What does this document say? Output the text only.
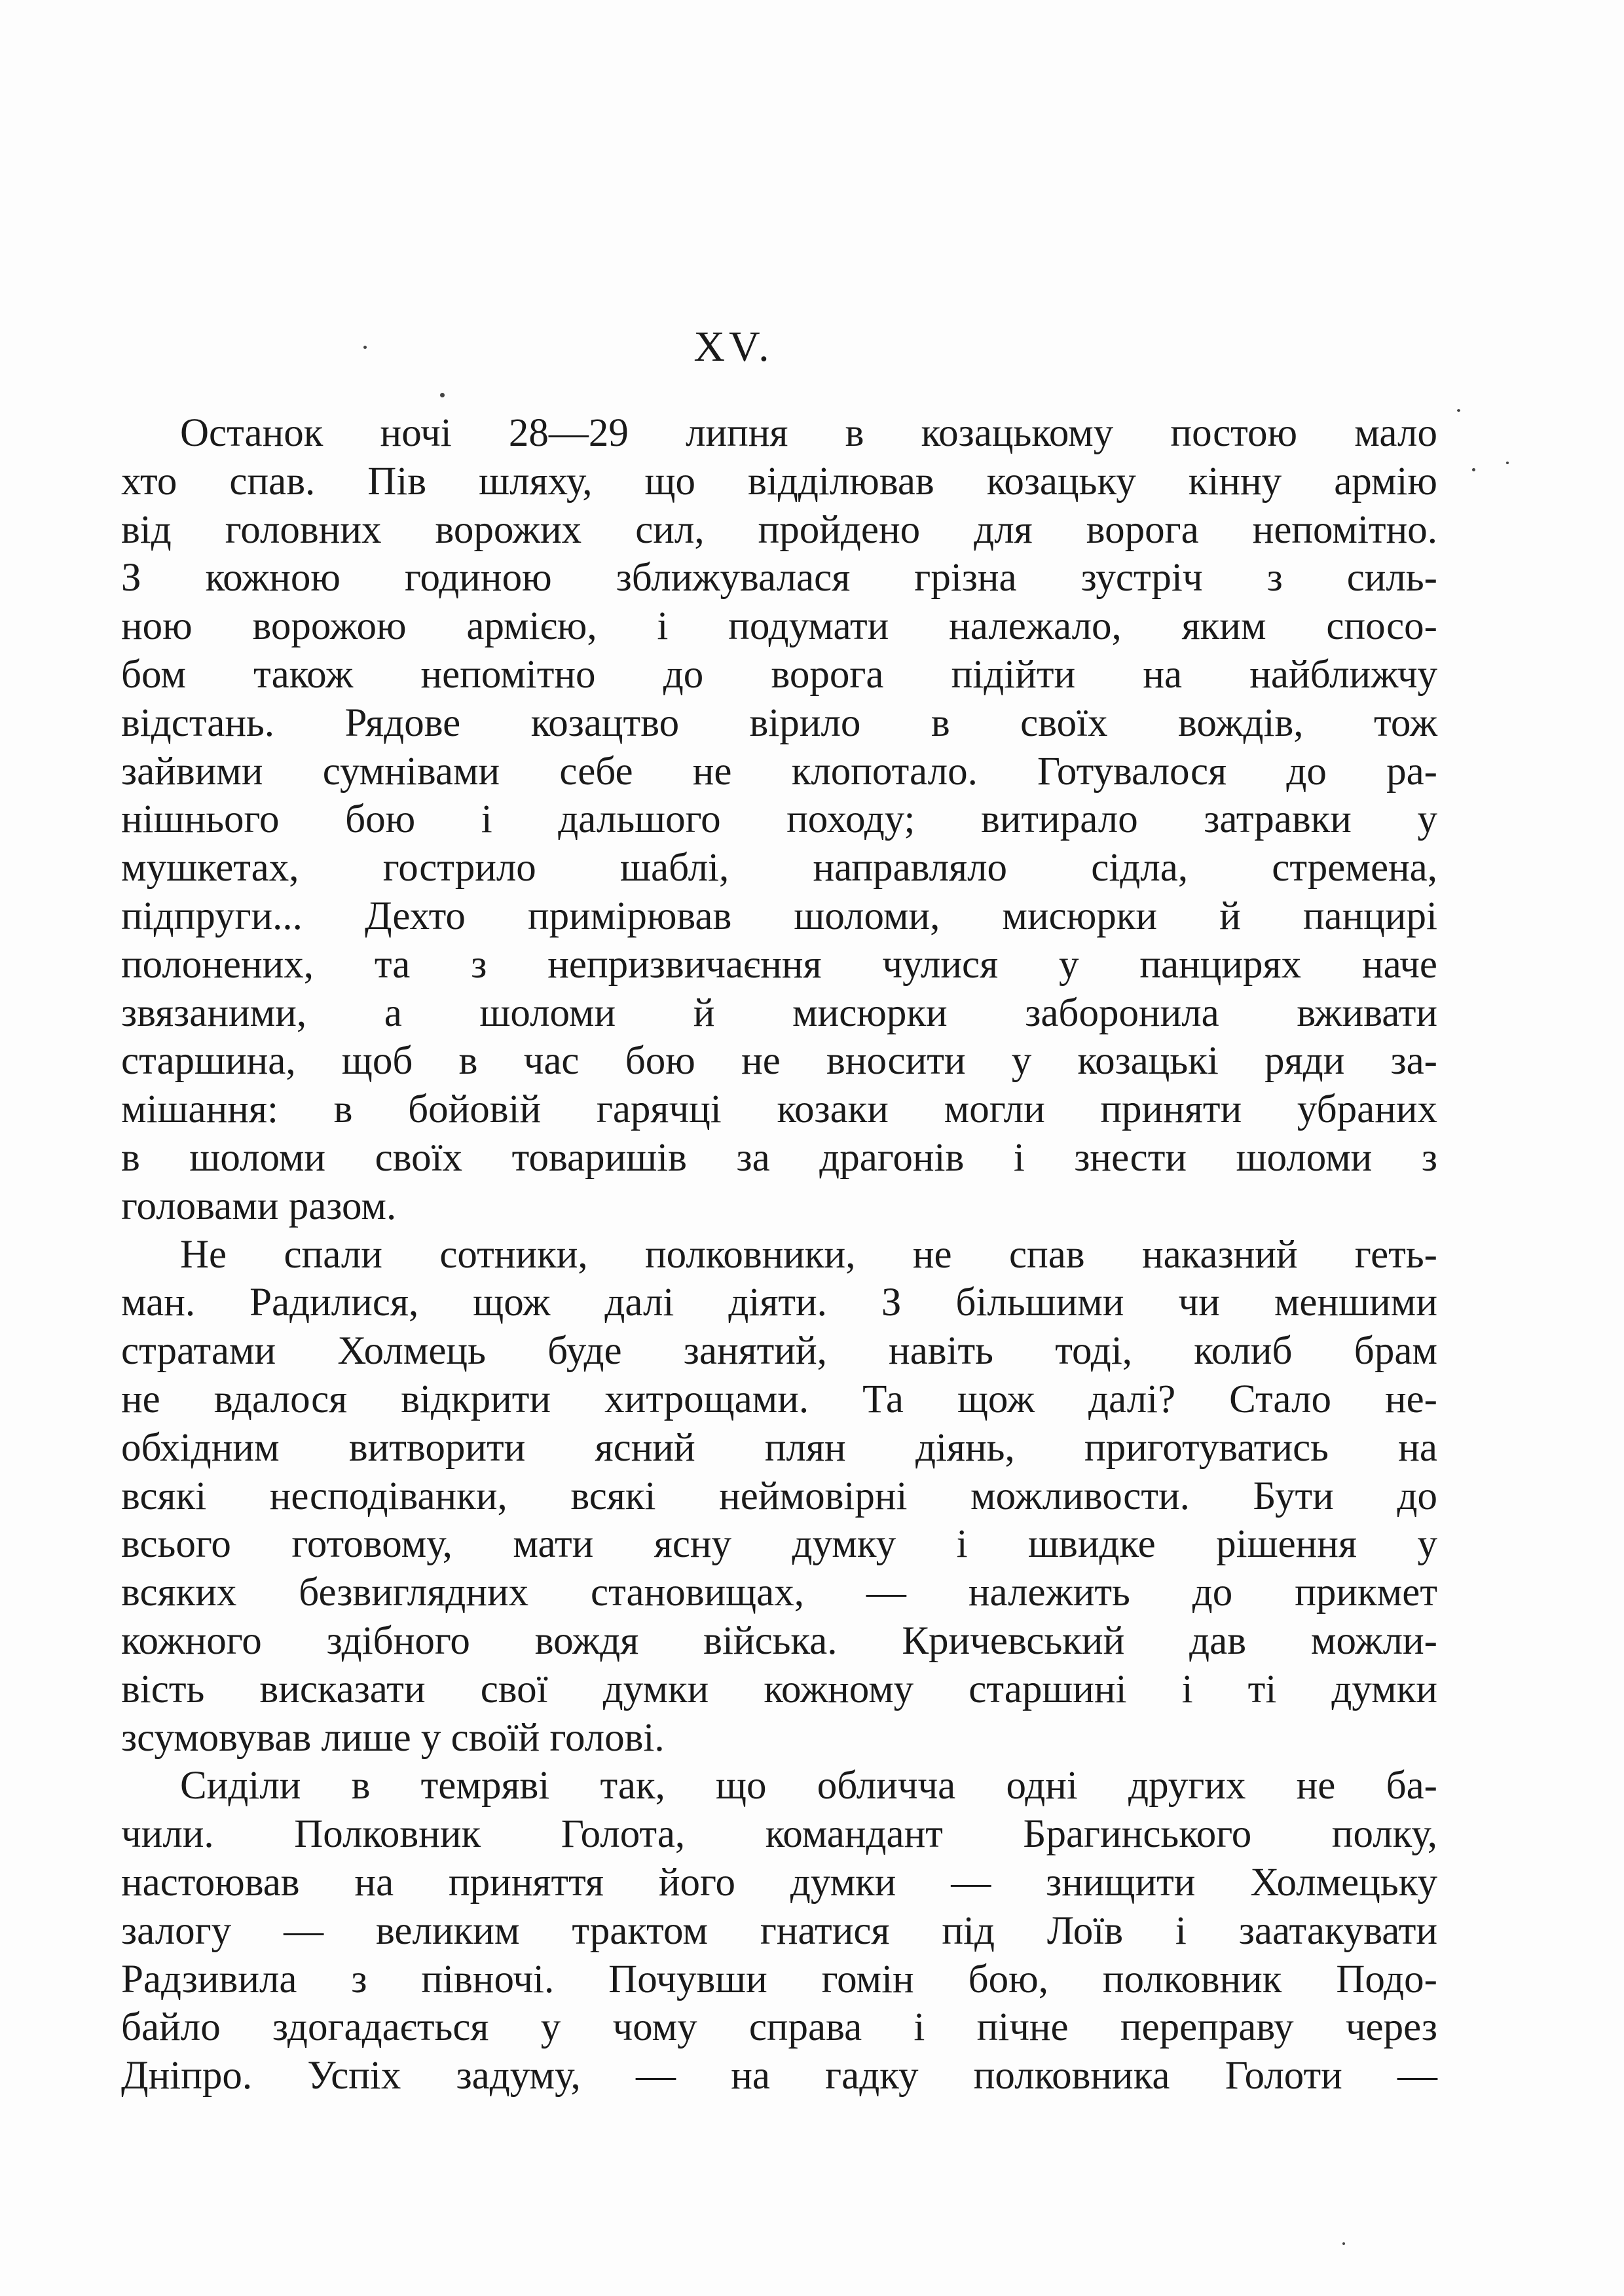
XV.
Останок ночі 28—29 липня в козацькому постою мало
хто спав. Пів шляху, що відділював козацьку кінну армію
від головних ворожих сил, пройдено для ворога непомітно.
З кожною годиною зближувалася грізна зустріч з силь-
ною ворожою армією, і подумати належало, яким спосо-
бом також непомітно до ворога підійти на найближчу
відстань. Рядове козацтво вірило в своїх вождів, тож
зайвими сумнівами себе не клопотало. Готувалося до ра-
нішнього бою і дальшого походу; витирало затравки у
мушкетах, гострило шаблі, направляло сідла, стремена,
підпруги... Дехто примірював шоломи, мисюрки й панцирі
полонених, та з непризвичаєння чулися у панцирях наче
звязаними, а шоломи й мисюрки заборонила вживати
старшина, щоб в час бою не вносити у козацькі ряди за-
мішання: в бойовій гарячці козаки могли приняти убраних
в шоломи своїх товаришів за драгонів і знести шоломи з
головами разом.
Не спали сотники, полковники, не спав наказний геть-
ман. Радилися, щож далі діяти. З більшими чи меншими
стратами Холмець буде занятий, навіть тоді, колиб брам
не вдалося відкрити хитрощами. Та щож далі? Стало не-
обхідним витворити ясний плян діянь, приготуватись на
всякі несподіванки, всякі неймовірні можливости. Бути до
всього готовому, мати ясну думку і швидке рішення у
всяких безвиглядних становищах, — належить до прикмет
кожного здібного вождя війська. Кричевський дав можли-
вість висказати свої думки кожному старшині і ті думки
зсумовував лише у своїй голові.
Сиділи в темряві так, що обличча одні других не ба-
чили. Полковник Голота, командант Брагинського полку,
настоював на приняття його думки — знищити Холмецьку
залогу — великим трактом гнатися під Лоїв і заатакувати
Радзивила з півночі. Почувши гомін бою, полковник Подо-
байло здогадається у чому справа і пічне переправу через
Дніпро. Успіх задуму, — на гадку полковника Голоти —
